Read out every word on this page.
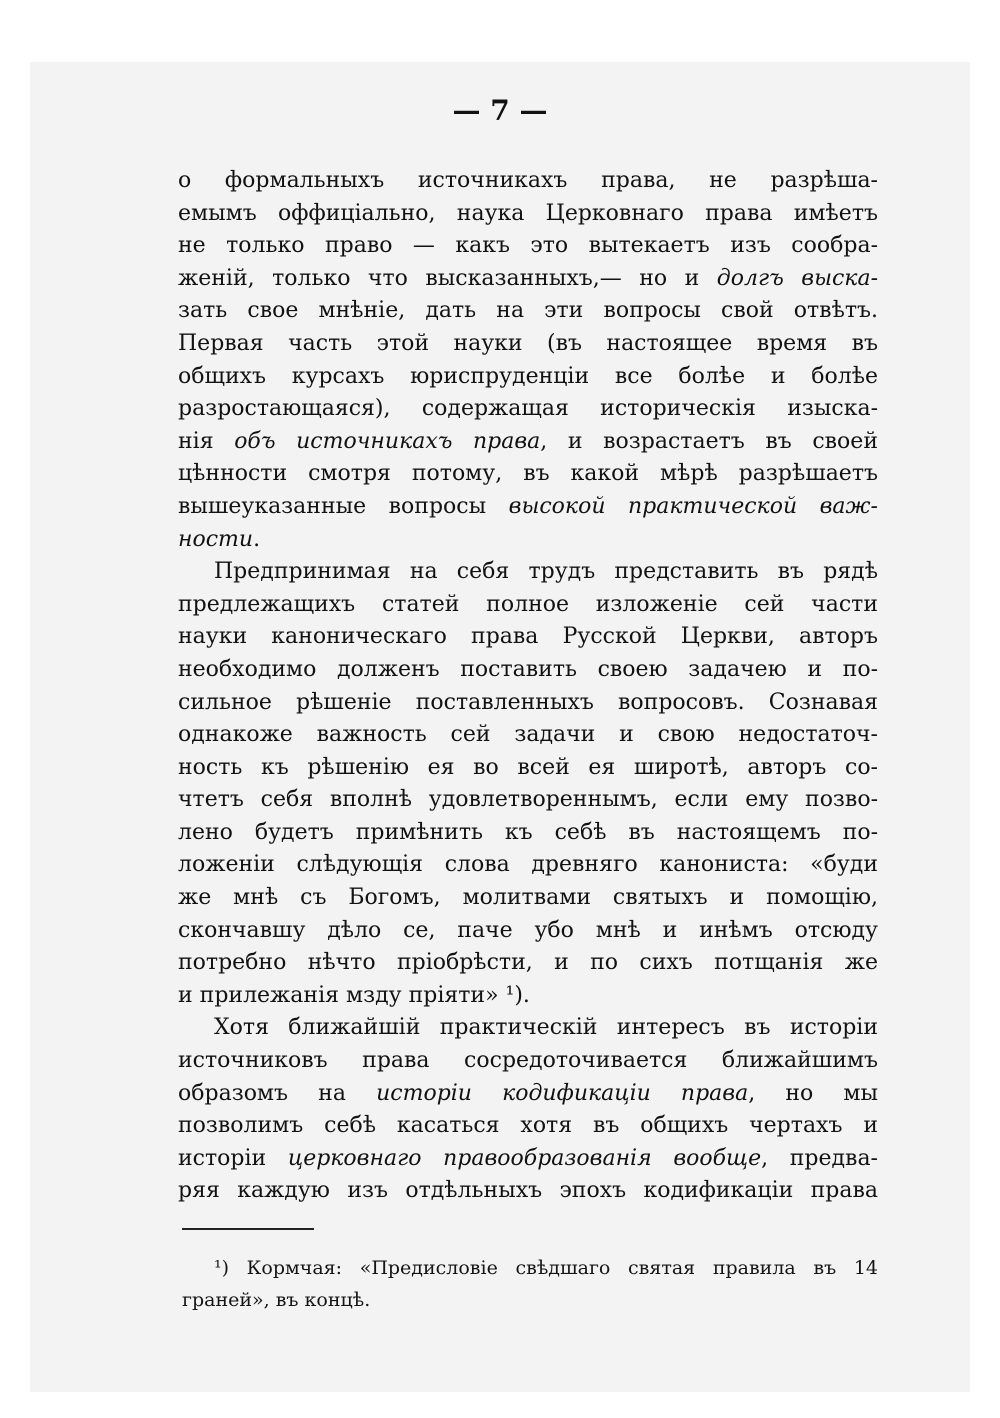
— 7 —
о формальныхъ источникахъ права, не разрѣша-
емымъ оффиціально, наука Церковнаго права имѣетъ
не только право — какъ это вытекаетъ изъ сообра-
женій, только что высказанныхъ,— но и долгъ выска-
зать свое мнѣніе, дать на эти вопросы свой отвѣтъ.
Первая часть этой науки (въ настоящее время въ
общихъ курсахъ юриспруденціи все болѣе и болѣе
разростающаяся), содержащая историческія изыска-
нія объ источникахъ права, и возрастаетъ въ своей
цѣнности смотря потому, въ какой мѣрѣ разрѣшаетъ
вышеуказанные вопросы высокой практической важ-
ности.
Предпринимая на себя трудъ представить въ рядѣ
предлежащихъ статей полное изложеніе сей части
науки каноническаго права Русской Церкви, авторъ
необходимо долженъ поставить своею задачею и по-
сильное рѣшеніе поставленныхъ вопросовъ. Сознавая
однакоже важность сей задачи и свою недостаточ-
ность къ рѣшенію ея во всей ея широтѣ, авторъ со-
чтетъ себя вполнѣ удовлетвореннымъ, если ему позво-
лено будетъ примѣнить къ себѣ въ настоящемъ по-
ложеніи слѣдующія слова древняго канониста: «буди
же мнѣ съ Богомъ, молитвами святыхъ и помощію,
скончавшу дѣло се, паче убо мнѣ и инѣмъ отсюду
потребно нѣчто пріобрѣсти, и по сихъ потщанія же
и прилежанія мзду пріяти» ¹).
Хотя ближайшій практическій интересъ въ исторіи
источниковъ права сосредоточивается ближайшимъ
образомъ на исторіи кодификаціи права, но мы
позволимъ себѣ касаться хотя въ общихъ чертахъ и
исторіи церковнаго правообразованія вообще, предва-
ряя каждую изъ отдѣльныхъ эпохъ кодификаціи права
¹) Кормчая: «Предисловіе свѣдшаго святая правила въ 14
граней», въ концѣ.
